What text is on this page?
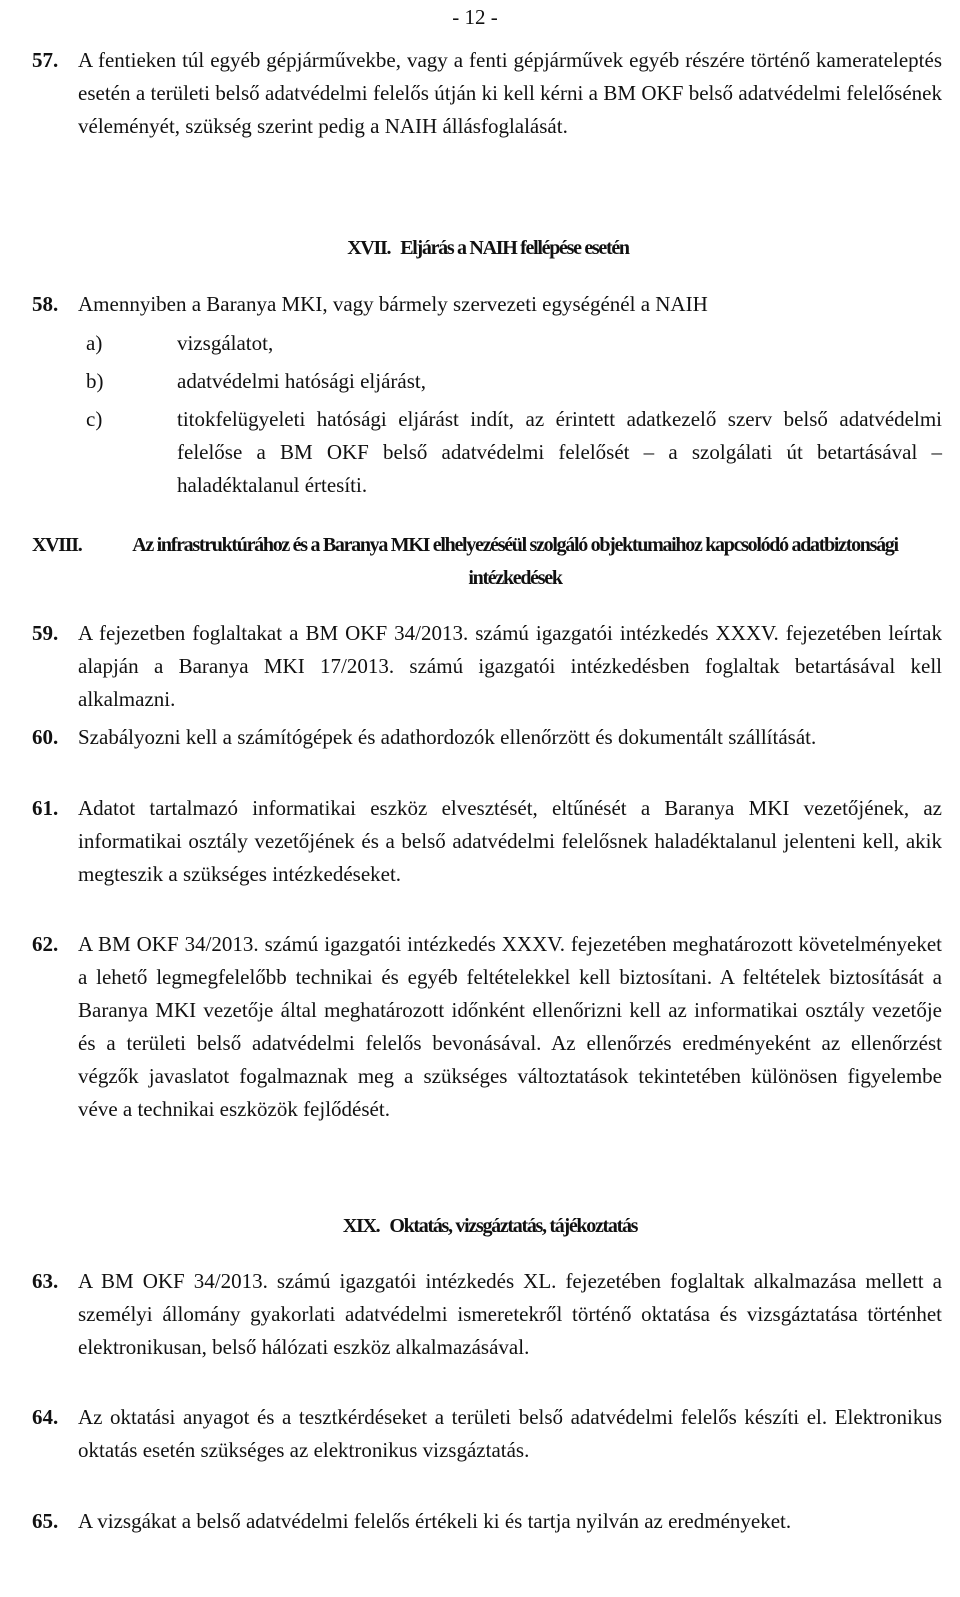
- 12 -
57. A fentieken túl egyéb gépjárművekbe, vagy a fenti gépjárművek egyéb részére történő kamerateleptés esetén a területi belső adatvédelmi felelős útján ki kell kérni a BM OKF belső adatvédelmi felelősének véleményét, szükség szerint pedig a NAIH állásfoglalását.
XVII. Eljárás a NAIH fellépése esetén
58. Amennyiben a Baranya MKI, vagy bármely szervezeti egységénél a NAIH
a)	vizsgálatot,
b)	adatvédelmi hatósági eljárást,
c)	titokfelügyeleti hatósági eljárást indít, az érintett adatkezelő szerv belső adatvédelmi felelőse a BM OKF belső adatvédelmi felelősét – a szolgálati út betartásával – haladéktalanul értesíti.
XVIII.	Az infrastruktúrához és a Baranya MKI elhelyezéséül szolgáló objektumaihoz kapcsolódó adatbiztonsági intézkedések
59. A fejezetben foglaltakat a BM OKF 34/2013. számú igazgatói intézkedés XXXV. fejezetében leírtak alapján a Baranya MKI 17/2013. számú igazgatói intézkedésben foglaltak betartásával kell alkalmazni.
60. Szabályozni kell a számítógépek és adathordozók ellenőrzött és dokumentált szállítását.
61. Adatot tartalmazó informatikai eszköz elvesztését, eltűnését a Baranya MKI vezetőjének, az informatikai osztály vezetőjének és a belső adatvédelmi felelősnek haladéktalanul jelenteni kell, akik megteszik a szükséges intézkedéseket.
62. A BM OKF 34/2013. számú igazgatói intézkedés XXXV. fejezetében meghatározott követelményeket a lehető legmegfelelőbb technikai és egyéb feltételekkel kell biztosítani. A feltételek biztosítását a Baranya MKI vezetője által meghatározott időnként ellenőrizni kell az informatikai osztály vezetője és a területi belső adatvédelmi felelős bevonásával. Az ellenőrzés eredményeként az ellenőrzést végzők javaslatot fogalmaznak meg a szükséges változtatások tekintetében különösen figyelembe véve a technikai eszközök fejlődését.
XIX. Oktatás, vizsgáztatás, tájékoztatás
63. A BM OKF 34/2013. számú igazgatói intézkedés XL. fejezetében foglaltak alkalmazása mellett a személyi állomány gyakorlati adatvédelmi ismeretekről történő oktatása és vizsgáztatása történhet elektronikusan, belső hálózati eszköz alkalmazásával.
64. Az oktatási anyagot és a tesztkérdéseket a területi belső adatvédelmi felelős készíti el. Elektronikus oktatás esetén szükséges az elektronikus vizsgáztatás.
65. A vizsgákat a belső adatvédelmi felelős értékeli ki és tartja nyilván az eredményeket.
